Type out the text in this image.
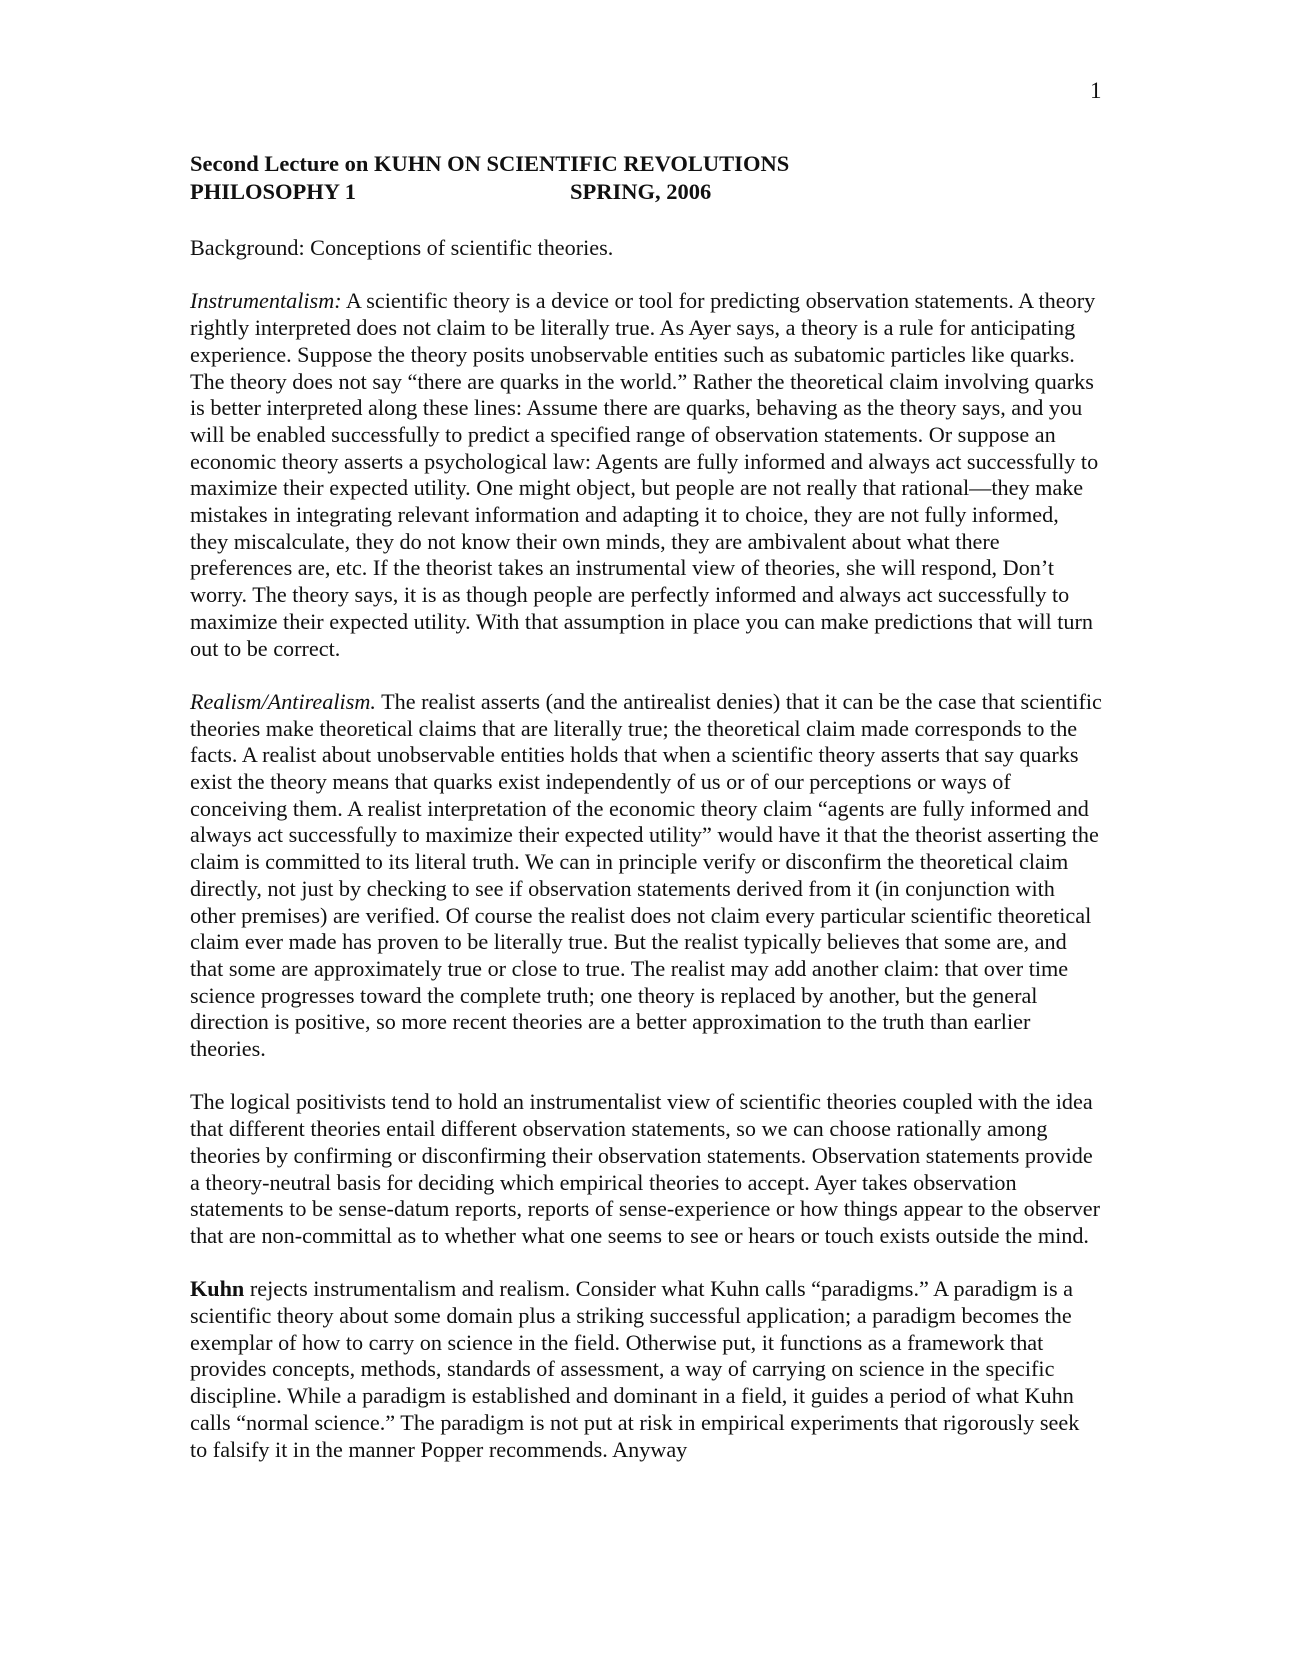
1
Second Lecture on KUHN ON SCIENTIFIC REVOLUTIONS
PHILOSOPHY 1	SPRING, 2006

Background: Conceptions of scientific theories.

Instrumentalism: A scientific theory is a device or tool for predicting observation statements. A theory rightly interpreted does not claim to be literally true. As Ayer says, a theory is a rule for anticipating experience. Suppose the theory posits unobservable entities such as subatomic particles like quarks. The theory does not say “there are quarks in the world.” Rather the theoretical claim involving quarks is better interpreted along these lines: Assume there are quarks, behaving as the theory says, and you will be enabled successfully to predict a specified range of observation statements. Or suppose an economic theory asserts a psychological law: Agents are fully informed and always act successfully to maximize their expected utility. One might object, but people are not really that rational—they make mistakes in integrating relevant information and adapting it to choice, they are not fully informed, they miscalculate, they do not know their own minds, they are ambivalent about what there preferences are, etc. If the theorist takes an instrumental view of theories, she will respond, Don’t worry. The theory says, it is as though people are perfectly informed and always act successfully to maximize their expected utility. With that assumption in place you can make predictions that will turn out to be correct.

Realism/Antirealism. The realist asserts (and the antirealist denies) that it can be the case that scientific theories make theoretical claims that are literally true; the theoretical claim made corresponds to the facts. A realist about unobservable entities holds that when a scientific theory asserts that say quarks exist the theory means that quarks exist independently of us or of our perceptions or ways of conceiving them. A realist interpretation of the economic theory claim “agents are fully informed and always act successfully to maximize their expected utility” would have it that the theorist asserting the claim is committed to its literal truth. We can in principle verify or disconfirm the theoretical claim directly, not just by checking to see if observation statements derived from it (in conjunction with other premises) are verified. Of course the realist does not claim every particular scientific theoretical claim ever made has proven to be literally true. But the realist typically believes that some are, and that some are approximately true or close to true. The realist may add another claim: that over time science progresses toward the complete truth; one theory is replaced by another, but the general direction is positive, so more recent theories are a better approximation to the truth than earlier theories.

The logical positivists tend to hold an instrumentalist view of scientific theories coupled with the idea that different theories entail different observation statements, so we can choose rationally among theories by confirming or disconfirming their observation statements. Observation statements provide a theory-neutral basis for deciding which empirical theories to accept. Ayer takes observation statements to be sense-datum reports, reports of sense-experience or how things appear to the observer that are non-committal as to whether what one seems to see or hears or touch exists outside the mind.

Kuhn rejects instrumentalism and realism. Consider what Kuhn calls “paradigms.” A paradigm is a scientific theory about some domain plus a striking successful application; a paradigm becomes the exemplar of how to carry on science in the field. Otherwise put, it functions as a framework that provides concepts, methods, standards of assessment, a way of carrying on science in the specific discipline. While a paradigm is established and dominant in a field, it guides a period of what Kuhn calls “normal science.” The paradigm is not put at risk in empirical experiments that rigorously seek to falsify it in the manner Popper recommends. Anyway
